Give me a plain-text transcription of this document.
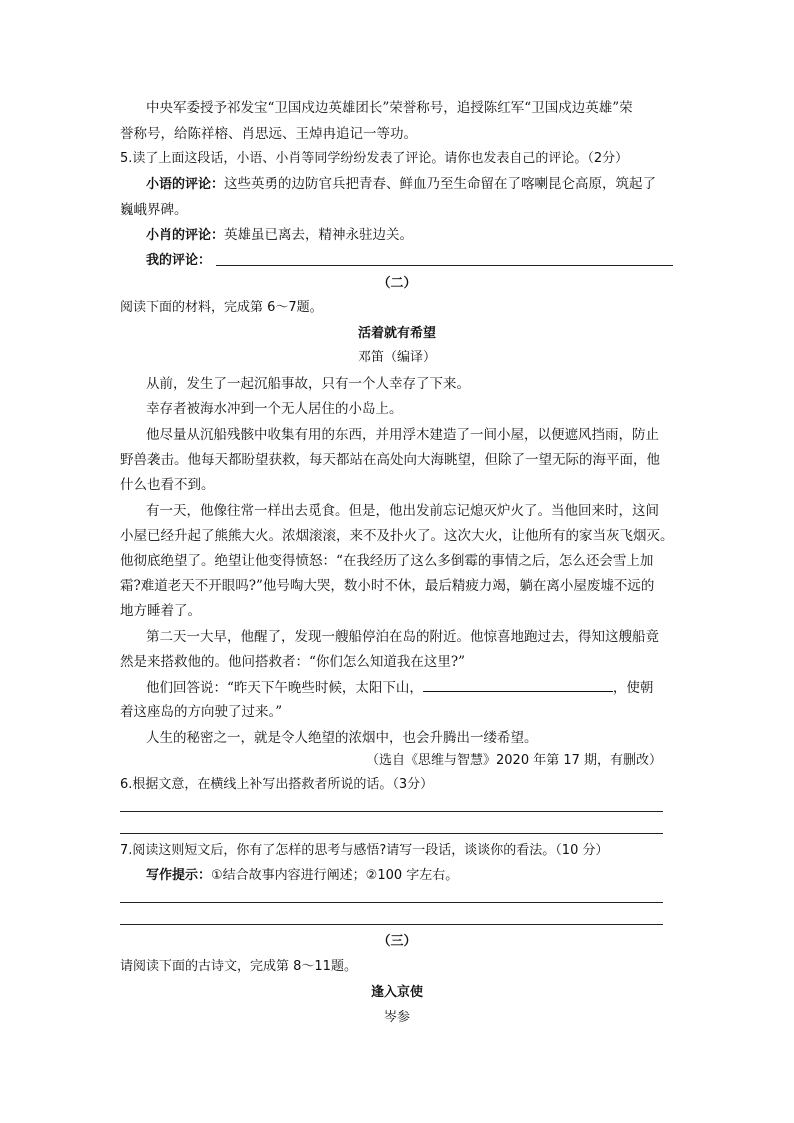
中央军委授予祁发宝“卫国戍边英雄团长”荣誉称号，追授陈红军“卫国戍边英雄”荣
誉称号，给陈祥榕、肖思远、王焯冉追记一等功。
5.读了上面这段话，小语、小肖等同学纷纷发表了评论。请你也发表自己的评论。（2分）
小语的评论：这些英勇的边防官兵把青春、鲜血乃至生命留在了喀喇昆仑高原，筑起了
巍峨界碑。
小肖的评论：英雄虽已离去，精神永驻边关。
我的评论：
（二）
阅读下面的材料，完成第 6～7题。
活着就有希望
邓笛（编译）
从前，发生了一起沉船事故，只有一个人幸存了下来。
幸存者被海水冲到一个无人居住的小岛上。
他尽量从沉船残骸中收集有用的东西，并用浮木建造了一间小屋，以便遮风挡雨，防止
野兽袭击。他每天都盼望获救，每天都站在高处向大海眺望，但除了一望无际的海平面，他
什么也看不到。
有一天，他像往常一样出去觅食。但是，他出发前忘记熄灭炉火了。当他回来时，这间
小屋已经升起了熊熊大火。浓烟滚滚，来不及扑火了。这次大火，让他所有的家当灰飞烟灭。
他彻底绝望了。绝望让他变得愤怒：“在我经历了这么多倒霉的事情之后，怎么还会雪上加
霜?难道老天不开眼吗?”他号啕大哭，数小时不休，最后精疲力竭，躺在离小屋废墟不远的
地方睡着了。
第二天一大早，他醒了，发现一艘船停泊在岛的附近。他惊喜地跑过去，得知这艘船竟
然是来搭救他的。他问搭救者：“你们怎么知道我在这里?”
他们回答说：“昨天下午晚些时候，太阳下山，	，使朝
着这座岛的方向驶了过来。”
人生的秘密之一，就是令人绝望的浓烟中，也会升腾出一缕希望。
（选自《思维与智慧》2020 年第 17 期，有删改）
6.根据文意，在横线上补写出搭救者所说的话。（3分）
7.阅读这则短文后，你有了怎样的思考与感悟?请写一段话，谈谈你的看法。（10 分）
写作提示：①结合故事内容进行阐述；②100 字左右。
（三）
请阅读下面的古诗文，完成第 8～11题。
逢入京使
岑参
